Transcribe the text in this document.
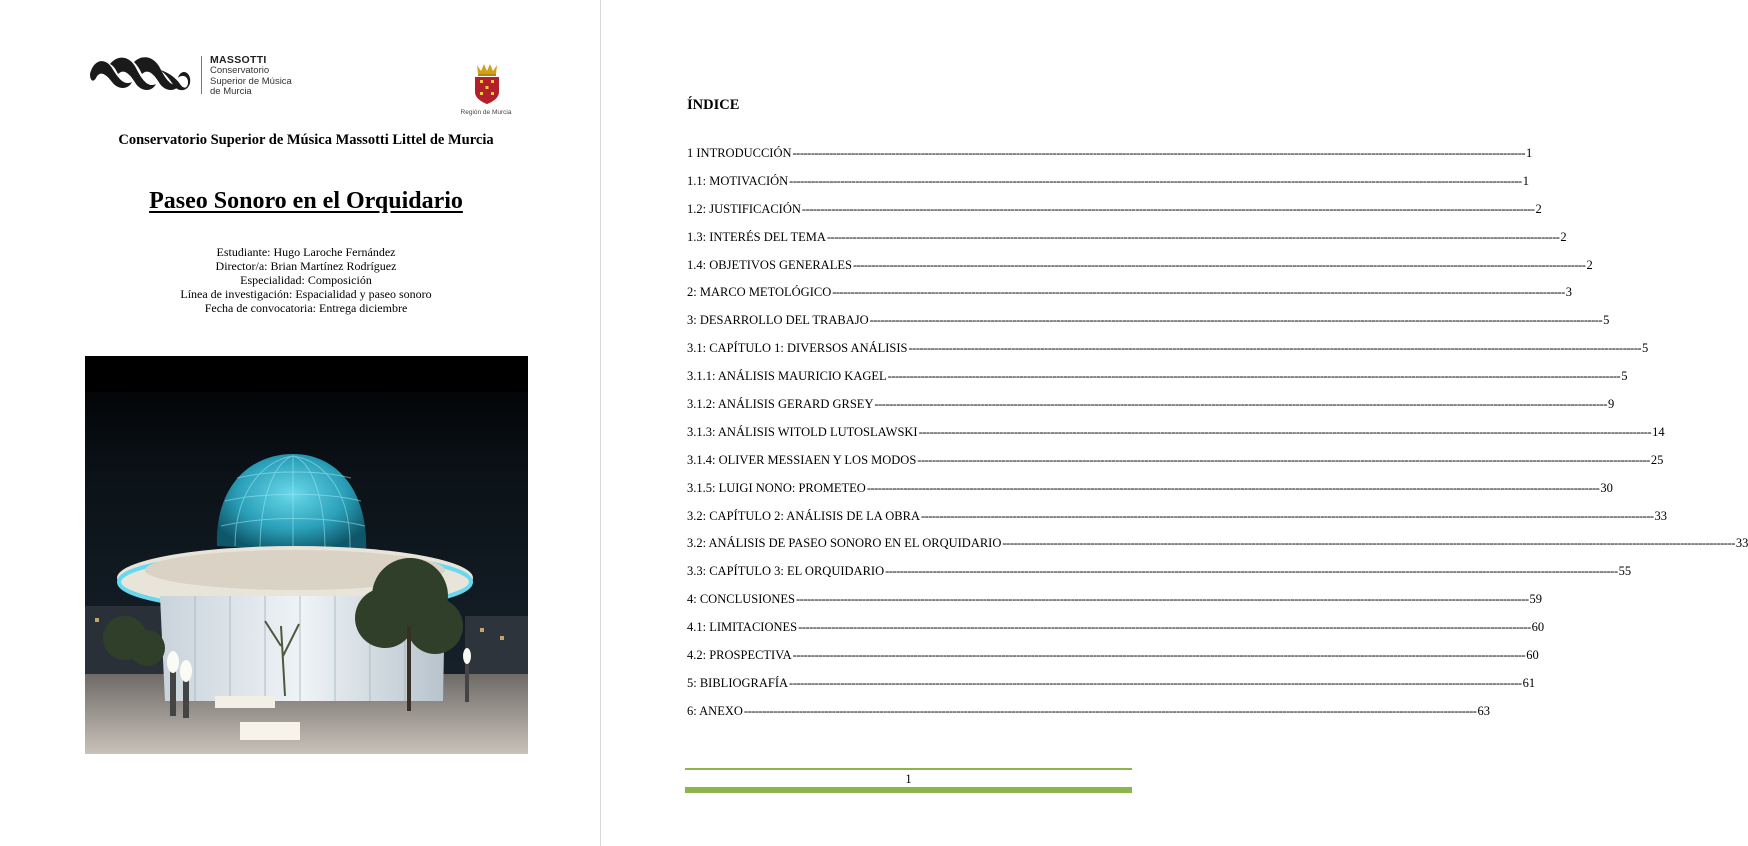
MASSOTTI
Conservatorio
Superior de Música
de Murcia
Región de Murcia
Conservatorio Superior de Música Massotti Littel de Murcia
Paseo Sonoro en el Orquidario
Estudiante: Hugo Laroche Fernández
Director/a: Brian Martínez Rodríguez
Especialidad: Composición
Línea de investigación: Espacialidad y paseo sonoro
Fecha de convocatoria: Entrega diciembre
ÍNDICE
1 INTRODUCCIÓN -------------------------------------------------------------------------------------------------------------------------------------------------------------------------------------------------------- 1
1.1: MOTIVACIÓN -------------------------------------------------------------------------------------------------------------------------------------------------------------------------------------------------------- 1
1.2: JUSTIFICACIÓN -------------------------------------------------------------------------------------------------------------------------------------------------------------------------------------------------------- 2
1.3: INTERÉS DEL TEMA -------------------------------------------------------------------------------------------------------------------------------------------------------------------------------------------------------- 2
1.4: OBJETIVOS GENERALES -------------------------------------------------------------------------------------------------------------------------------------------------------------------------------------------------------- 2
2: MARCO METOLÓGICO -------------------------------------------------------------------------------------------------------------------------------------------------------------------------------------------------------- 3
3: DESARROLLO DEL TRABAJO -------------------------------------------------------------------------------------------------------------------------------------------------------------------------------------------------------- 5
3.1: CAPÍTULO 1: DIVERSOS ANÁLISIS -------------------------------------------------------------------------------------------------------------------------------------------------------------------------------------------------------- 5
3.1.1: ANÁLISIS MAURICIO KAGEL -------------------------------------------------------------------------------------------------------------------------------------------------------------------------------------------------------- 5
3.1.2: ANÁLISIS GERARD GRSEY -------------------------------------------------------------------------------------------------------------------------------------------------------------------------------------------------------- 9
3.1.3: ANÁLISIS WITOLD LUTOSLAWSKI -------------------------------------------------------------------------------------------------------------------------------------------------------------------------------------------------------- 14
3.1.4: OLIVER MESSIAEN Y LOS MODOS -------------------------------------------------------------------------------------------------------------------------------------------------------------------------------------------------------- 25
3.1.5: LUIGI NONO: PROMETEO -------------------------------------------------------------------------------------------------------------------------------------------------------------------------------------------------------- 30
3.2: CAPÍTULO 2: ANÁLISIS DE LA OBRA -------------------------------------------------------------------------------------------------------------------------------------------------------------------------------------------------------- 33
3.2: ANÁLISIS DE PASEO SONORO EN EL ORQUIDARIO -------------------------------------------------------------------------------------------------------------------------------------------------------------------------------------------------------- 33
3.3: CAPÍTULO 3: EL ORQUIDARIO -------------------------------------------------------------------------------------------------------------------------------------------------------------------------------------------------------- 55
4: CONCLUSIONES -------------------------------------------------------------------------------------------------------------------------------------------------------------------------------------------------------- 59
4.1: LIMITACIONES -------------------------------------------------------------------------------------------------------------------------------------------------------------------------------------------------------- 60
4.2: PROSPECTIVA -------------------------------------------------------------------------------------------------------------------------------------------------------------------------------------------------------- 60
5: BIBLIOGRAFÍA -------------------------------------------------------------------------------------------------------------------------------------------------------------------------------------------------------- 61
6: ANEXO -------------------------------------------------------------------------------------------------------------------------------------------------------------------------------------------------------- 63
1
